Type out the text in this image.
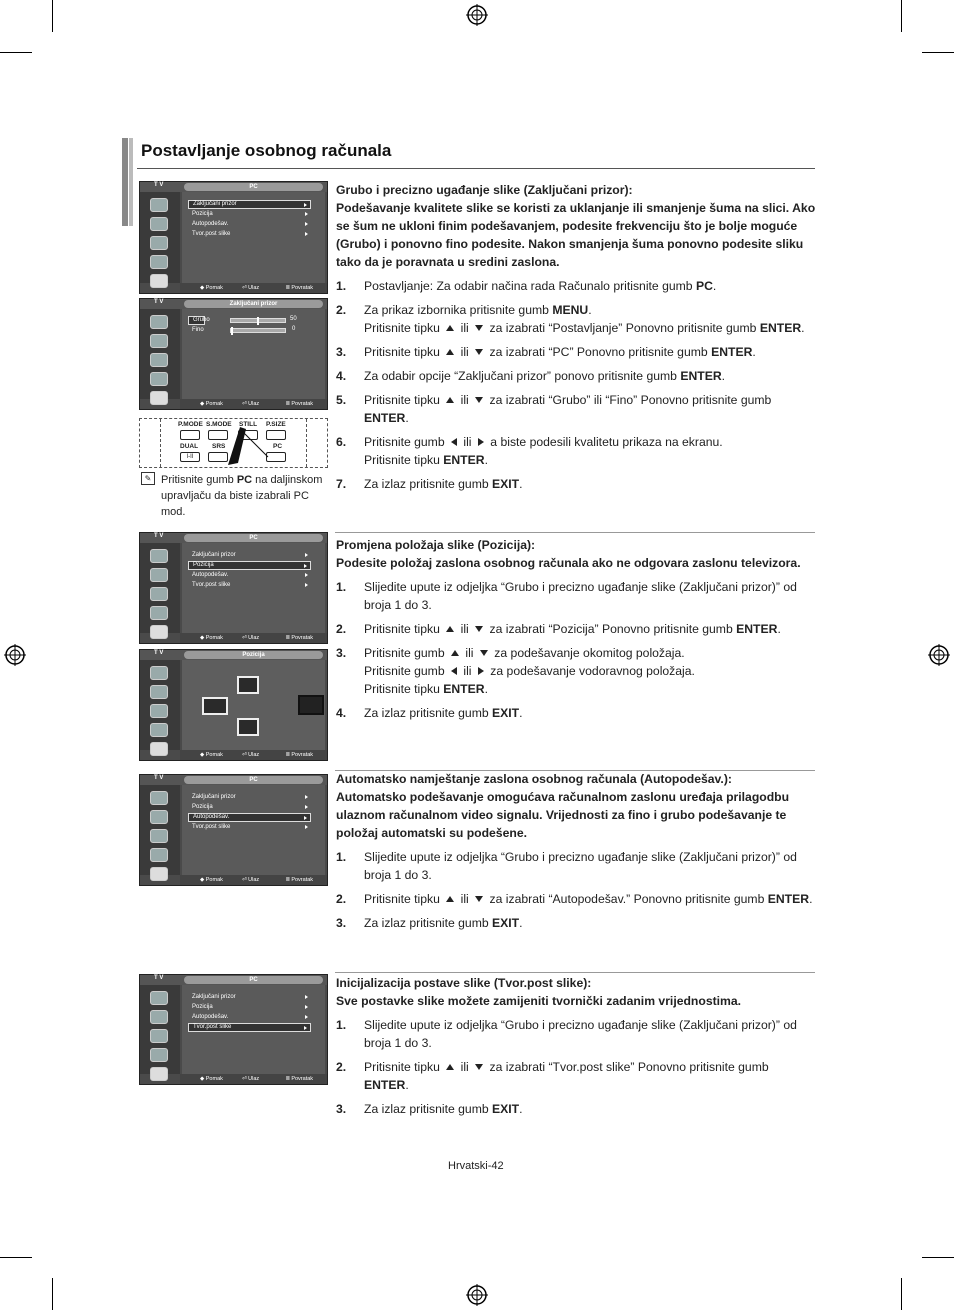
Postavljanje osobnog računala
Grubo i precizno ugađanje slike (Zaključani prizor):
Podešavanje kvalitete slike se koristi za uklanjanje ili smanjenje šuma na slici. Ako se šum ne ukloni finim podešavanjem, podesite frekvenciju što je bolje moguće (Grubo) i ponovno fino podesite. Nakon smanjenja šuma ponovno podesite sliku tako da je poravnata u sredini zaslona.
1.	Postavljanje: Za odabir načina rada Računalo pritisnite gumb PC.
2.	Za prikaz izbornika pritisnite gumb MENU.
Pritisnite tipku  ili  za izabrati “Postavljanje” Ponovno pritisnite gumb ENTER.
3.	Pritisnite tipku  ili  za izabrati “PC” Ponovno pritisnite gumb ENTER.
4.	Za odabir opcije “Zaključani prizor” ponovo pritisnite gumb ENTER.
5.	Pritisnite tipku  ili  za izabrati “Grubo” ili “Fino” Ponovno pritisnite gumb ENTER.
6.	Pritisnite gumb  ili  a biste podesili kvalitetu prikaza na ekranu.
Pritisnite tipku ENTER.
7.	Za izlaz pritisnite gumb EXIT.
Promjena položaja slike (Pozicija):
Podesite položaj zaslona osobnog računala ako ne odgovara zaslonu televizora.
1.	Slijedite upute iz odjeljka “Grubo i precizno ugađanje slike (Zaključani prizor)” od broja 1 do 3.
2.	Pritisnite tipku  ili  za izabrati “Pozicija” Ponovno pritisnite gumb ENTER.
3.	Pritisnite gumb  ili  za podešavanje okomitog položaja.
Pritisnite gumb  ili  za podešavanje vodoravnog položaja.
Pritisnite tipku ENTER.
4.	Za izlaz pritisnite gumb EXIT.
Automatsko namještanje zaslona osobnog računala (Autopodešav.):
Automatsko podešavanje omogućava računalnom zaslonu uređaja prilagodbu ulaznom računalnom video signalu. Vrijednosti za fino i grubo podešavanje te položaj automatski su podešene.
1.	Slijedite upute iz odjeljka “Grubo i precizno ugađanje slike (Zaključani prizor)” od broja 1 do 3.
2.	Pritisnite tipku  ili  za izabrati “Autopodešav.” Ponovno pritisnite gumb ENTER.
3.	Za izlaz pritisnite gumb EXIT.
Inicijalizacija postave slike (Tvor.post slike):
Sve postavke slike možete zamijeniti tvornički zadanim vrijednostima.
1.	Slijedite upute iz odjeljka “Grubo i precizno ugađanje slike (Zaključani prizor)” od broja 1 do 3.
2.	Pritisnite tipku  ili  za izabrati “Tvor.post slike” Ponovno pritisnite gumb ENTER.
3.	Za izlaz pritisnite gumb EXIT.
T V	PC
◆ Pomak	⏎ Ulaz	Ⅲ Povratak
Zaključani prizor
Pozicija
Autopodešav.
Tvor.post slike
T V	Zaključani prizor
◆ Pomak	⏎ Ulaz	Ⅲ Povratak
Grubo	50
Fino	0
T V	PC
◆ Pomak	⏎ Ulaz	Ⅲ Povratak
Zaključani prizor
Pozicija
Autopodešav.
Tvor.post slike
T V	Pozicija
◆ Pomak	⏎ Ulaz	Ⅲ Povratak
T V	PC
◆ Pomak	⏎ Ulaz	Ⅲ Povratak
Zaključani prizor
Pozicija
Autopodešav.
Tvor.post slike
T V	PC
◆ Pomak	⏎ Ulaz	Ⅲ Povratak
Zaključani prizor
Pozicija
Autopodešav.
Tvor.post slike
P.MODE S.MODE STILL P.SIZE
DUAL SRS	PC
I-II
✎ Pritisnite gumb PC na daljinskom upravljaču da biste izabrali PC mod.
Hrvatski-42
